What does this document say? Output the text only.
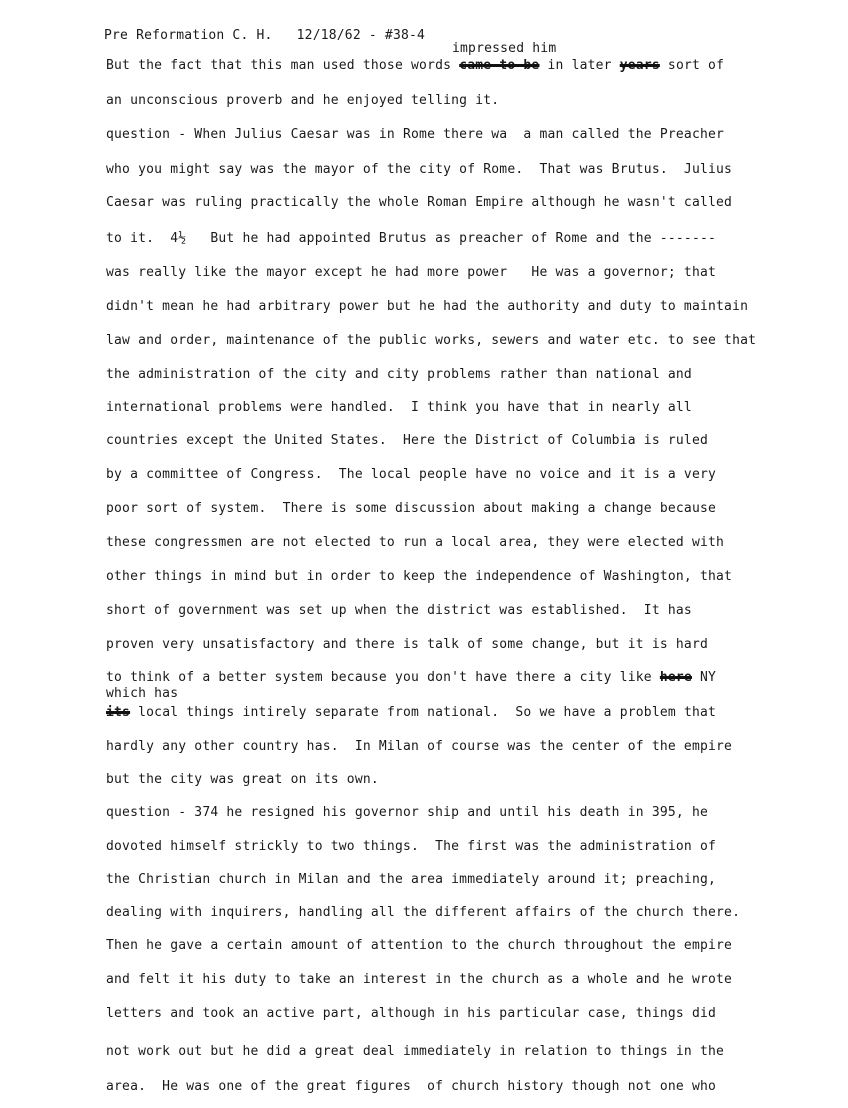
Pre Reformation C. H.   12/18/62 - #38-4
impressed him
But the fact that this man used those words came to be in later years sort of
an unconscious proverb and he enjoyed telling it.
question - When Julius Caesar was in Rome there wa  a man called the Preacher
who you might say was the mayor of the city of Rome.  That was Brutus.  Julius
Caesar was ruling practically the whole Roman Empire although he wasn't called
to it.  4½   But he had appointed Brutus as preacher of Rome and the -------
was really like the mayor except he had more power   He was a governor; that
didn't mean he had arbitrary power but he had the authority and duty to maintain
law and order, maintenance of the public works, sewers and water etc. to see that
the administration of the city and city problems rather than national and
international problems were handled.  I think you have that in nearly all
countries except the United States.  Here the District of Columbia is ruled
by a committee of Congress.  The local people have no voice and it is a very
poor sort of system.  There is some discussion about making a change because
these congressmen are not elected to run a local area, they were elected with
other things in mind but in order to keep the independence of Washington, that
short of government was set up when the district was established.  It has
proven very unsatisfactory and there is talk of some change, but it is hard
to think of a better system because you don't have there a city like here NY
which has
its local things intirely separate from national.  So we have a problem that
hardly any other country has.  In Milan of course was the center of the empire
but the city was great on its own.
question - 374 he resigned his governor ship and until his death in 395, he
dovoted himself strickly to two things.  The first was the administration of
the Christian church in Milan and the area immediately around it; preaching,
dealing with inquirers, handling all the different affairs of the church there.
Then he gave a certain amount of attention to the church throughout the empire
and felt it his duty to take an interest in the church as a whole and he wrote
letters and took an active part, although in his particular case, things did
not work out but he did a great deal immediately in relation to things in the
area.  He was one of the great figures  of church history though not one who
